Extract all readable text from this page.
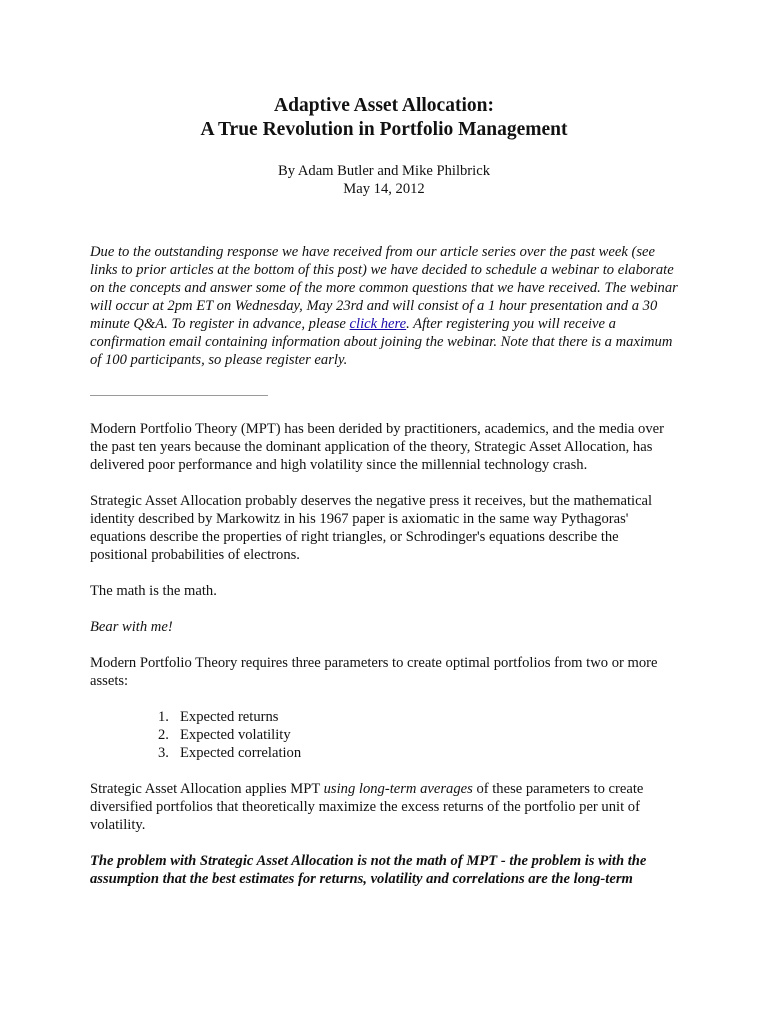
Adaptive Asset Allocation:
A True Revolution in Portfolio Management
By Adam Butler and Mike Philbrick
May 14, 2012

Due to the outstanding response we have received from our article series over the past week (see links to prior articles at the bottom of this post) we have decided to schedule a webinar to elaborate on the concepts and answer some of the more common questions that we have received. The webinar will occur at 2pm ET on Wednesday, May 23rd and will consist of a 1 hour presentation and a 30 minute Q&A. To register in advance, please click here. After registering you will receive a confirmation email containing information about joining the webinar. Note that there is a maximum of 100 participants, so please register early.

Modern Portfolio Theory (MPT) has been derided by practitioners, academics, and the media over the past ten years because the dominant application of the theory, Strategic Asset Allocation, has delivered poor performance and high volatility since the millennial technology crash.

Strategic Asset Allocation probably deserves the negative press it receives, but the mathematical identity described by Markowitz in his 1967 paper is axiomatic in the same way Pythagoras' equations describe the properties of right triangles, or Schrodinger's equations describe the positional probabilities of electrons.

The math is the math.

Bear with me!

Modern Portfolio Theory requires three parameters to create optimal portfolios from two or more assets:

1. Expected returns
2. Expected volatility
3. Expected correlation

Strategic Asset Allocation applies MPT using long-term averages of these parameters to create diversified portfolios that theoretically maximize the excess returns of the portfolio per unit of volatility.

The problem with Strategic Asset Allocation is not the math of MPT - the problem is with the assumption that the best estimates for returns, volatility and correlations are the long-term
